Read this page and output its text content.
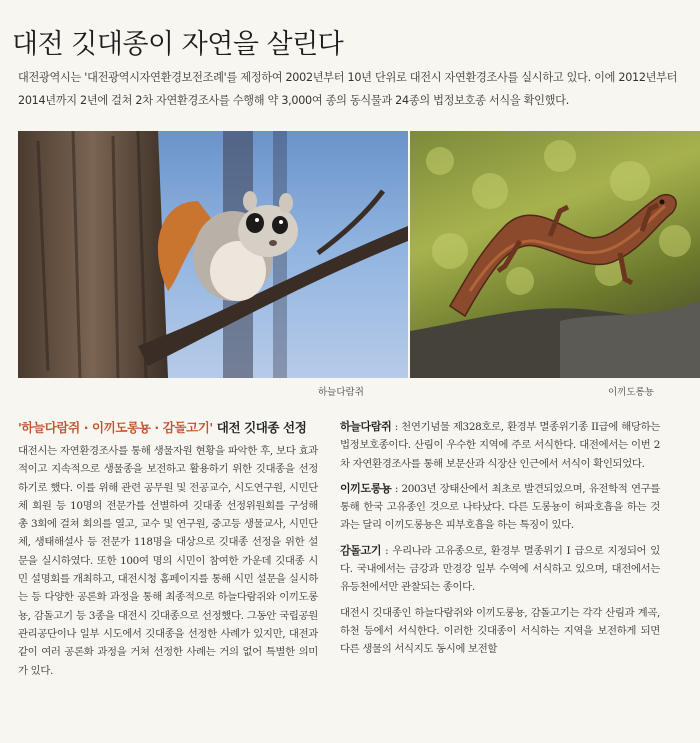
대전 깃대종이 자연을 살린다

대전광역시는 '대전광역시자연환경보전조례'를 제정하여 2002년부터 10년 단위로 대전시 자연환경조사를 실시하고 있다. 이에 2012년부터 2014년까지 2년에 걸쳐 2차 자연환경조사를 수행해 약 3,000여 종의 동식물과 24종의 법정보호종 서식을 확인했다.

하늘다람쥐	이끼도롱뇽
'하늘다람쥐 · 이끼도롱뇽 · 감돌고기' 대전 깃대종 선정

대전시는 자연환경조사를 통해 생물자원 현황을 파악한 후, 보다 효과적이고 지속적으로 생물종을 보전하고 활용하기 위한 깃대종을 선정하기로 했다. 이를 위해 관련 공무원 및 전공교수, 시도연구원, 시민단체 회원 등 10명의 전문가를 선별하여 깃대종 선정위원회를 구성해 총 3회에 걸쳐 회의를 열고, 교수 및 연구원, 중고등 생물교사, 시민단체, 생태해설사 등 전문가 118명을 대상으로 깃대종 선정을 위한 설문을 실시하였다. 또한 100여 명의 시민이 참여한 가운데 깃대종 시민 설명회를 개최하고, 대전시청 홈페이지를 통해 시민 설문을 실시하는 등 다양한 공론화 과정을 통해 최종적으로 하늘다람쥐와 이끼도롱뇽, 감돌고기 등 3종을 대전시 깃대종으로 선정했다. 그동안 국립공원관리공단이나 일부 시도에서 깃대종을 선정한 사례가 있지만, 대전과 같이 여러 공론화 과정을 거쳐 선정한 사례는 거의 없어 특별한 의미가 있다.

하늘다람쥐 : 천연기념물 제328호로, 환경부 멸종위기종 II급에 해당하는 법정보호종이다. 산림이 우수한 지역에 주로 서식한다. 대전에서는 이번 2차 자연환경조사를 통해 보문산과 식장산 인근에서 서식이 확인되었다.

이끼도롱뇽 : 2003년 장태산에서 최초로 발견되었으며, 유전학적 연구를 통해 한국 고유종인 것으로 나타났다. 다른 도롱뇽이 허파호흡을 하는 것과는 달리 이끼도롱뇽은 피부호흡을 하는 특징이 있다.

감돌고기 : 우리나라 고유종으로, 환경부 멸종위기 I 급으로 지정되어 있다. 국내에서는 금강과 만경강 일부 수역에 서식하고 있으며, 대전에서는 유등천에서만 관찰되는 종이다.

대전시 깃대종인 하늘다람쥐와 이끼도롱뇽, 감돌고기는 각각 산림과 계곡, 하천 등에서 서식한다. 이러한 깃대종이 서식하는 지역을 보전하게 되면 다른 생물의 서식지도 동시에 보전할
